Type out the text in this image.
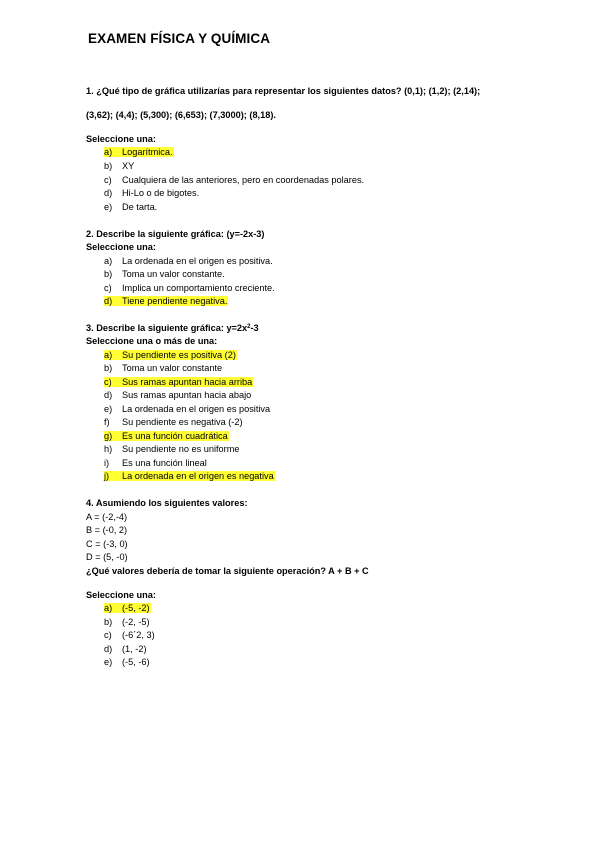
EXAMEN FÍSICA Y QUÍMICA
1. ¿Qué tipo de gráfica utilizarías para representar los siguientes datos? (0,1); (1,2); (2,14);
(3,62); (4,4); (5,300); (6,653); (7,3000); (8,18).
Seleccione una:
a) Logarítmica.
b) XY
c) Cualquiera de las anteriores, pero en coordenadas polares.
d) Hi-Lo o de bigotes.
e) De tarta.
2. Describe la siguiente gráfica: (y=-2x-3)
Seleccione una:
a) La ordenada en el origen es positiva.
b) Toma un valor constante.
c) Implica un comportamiento creciente.
d) Tiene pendiente negativa.
3. Describe la siguiente gráfica: $y=2x^2-3$
Seleccione una o más de una:
a) Su pendiente es positiva (2)
b) Toma un valor constante
c) Sus ramas apuntan hacia arriba
d) Sus ramas apuntan hacia abajo
e) La ordenada en el origen es positiva
f) Su pendiente es negativa (-2)
g) Es una función cuadrática
h) Su pendiente no es uniforme
i) Es una función lineal
j) La ordenada en el origen es negativa
4. Asumiendo los siguientes valores:
A = (-2,-4)
B = (-0, 2)
C = (-3, 0)
D = (5, -0)
¿Qué valores debería de tomar la siguiente operación? A + B + C
Seleccione una:
a) (-5, -2)
b) (-2, -5)
c) (-6´2, 3)
d) (1, -2)
e) (-5, -6)
